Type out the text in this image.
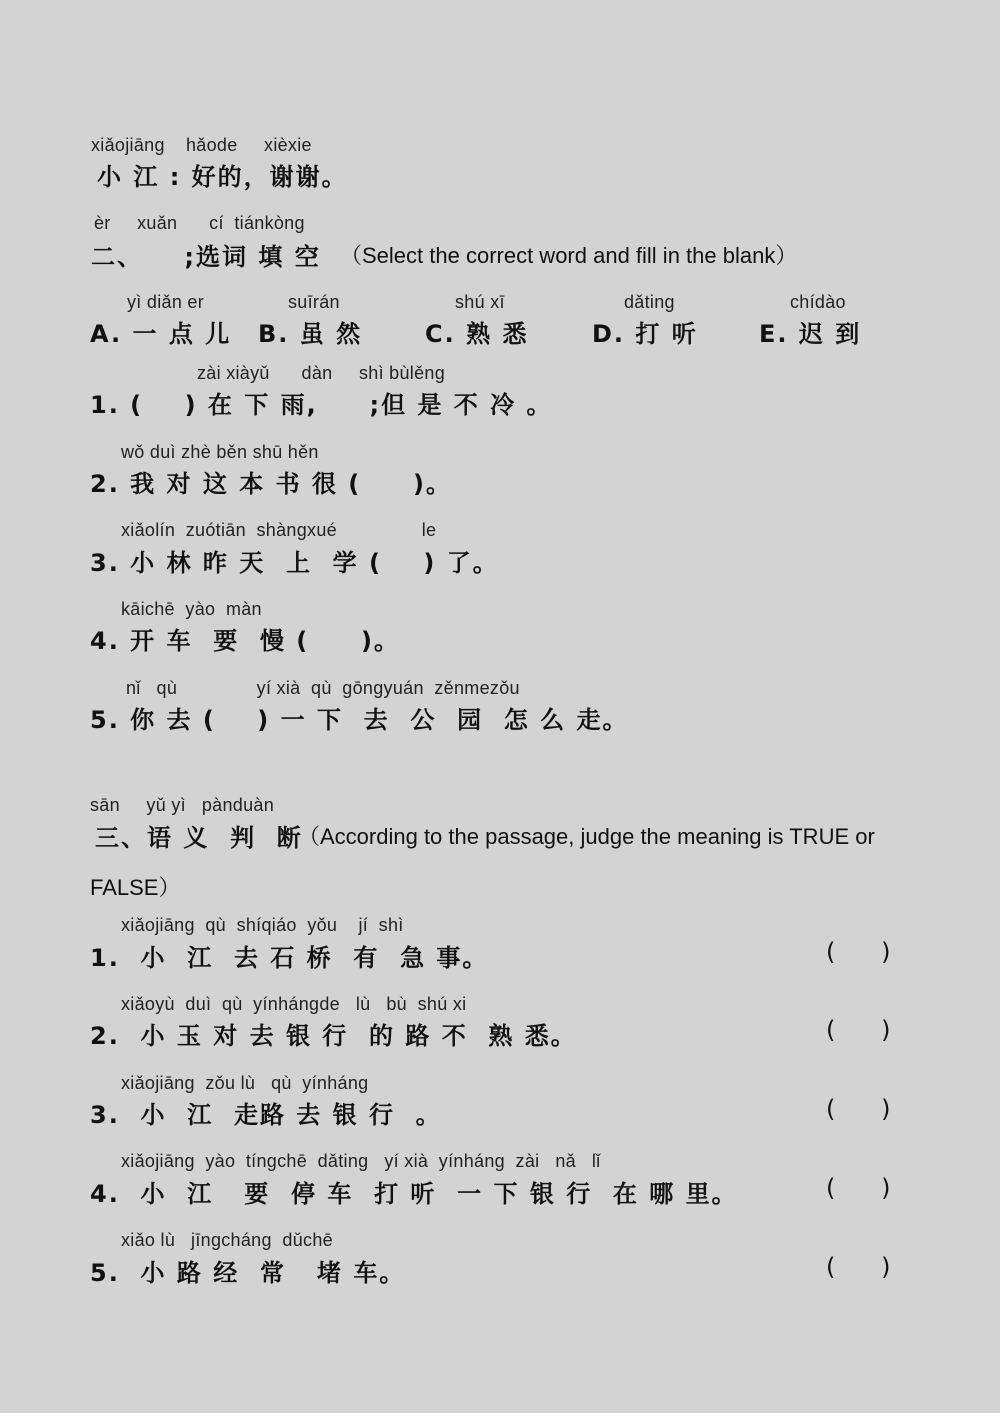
xiǎojiāng    hǎode     xièxie
小 江 : 好的，谢谢。
èr     xuǎn      cí  tiánkòng
二、    ;选词 填 空 （Select the correct word and fill in the blank）
yì diǎn er
A. 一 点 儿
suīrán
B. 虽 然
shú xī
C. 熟 悉
dǎting
D. 打 听
chídào
E. 迟 到
zài xiàyǔ      dàn     shì bùlěng
1. (    ) 在 下 雨,     ;但 是 不 冷 。
wǒ duì zhè běn shū hěn
2. 我 对 这 本 书 很 (     )。
xiǎolín  zuótiān  shàngxué                le
3. 小 林 昨 天  上  学 (    ) 了。
kāichē  yào  màn
4. 开 车  要  慢 (     )。
nǐ   qù               yí xià  qù  gōngyuán  zěnmezǒu
5. 你 去 (    ) 一 下  去  公  园  怎 么 走。
sān     yǔ yì   pànduàn
三、语 义  判  断
（According to the passage, judge the meaning is TRUE or
FALSE）
xiǎojiāng  qù  shíqiáo  yǒu    jí  shì
1.  小  江  去 石 桥  有  急 事。	(      )
xiǎoyù  duì  qù  yínhángde   lù   bù  shú xi
2.  小 玉 对 去 银 行  的 路 不  熟 悉。	(      )
xiǎojiāng  zǒu lù   qù  yínháng
3.  小  江  走路 去 银 行  。	(      )
xiǎojiāng  yào  tíngchē  dǎting   yí xià  yínháng  zài   nǎ   lǐ
4.  小  江   要  停 车  打 听  一 下 银 行  在 哪 里。	(      )
xiǎo lù   jīngcháng  dǔchē
5.  小 路 经  常   堵 车。	(      )
